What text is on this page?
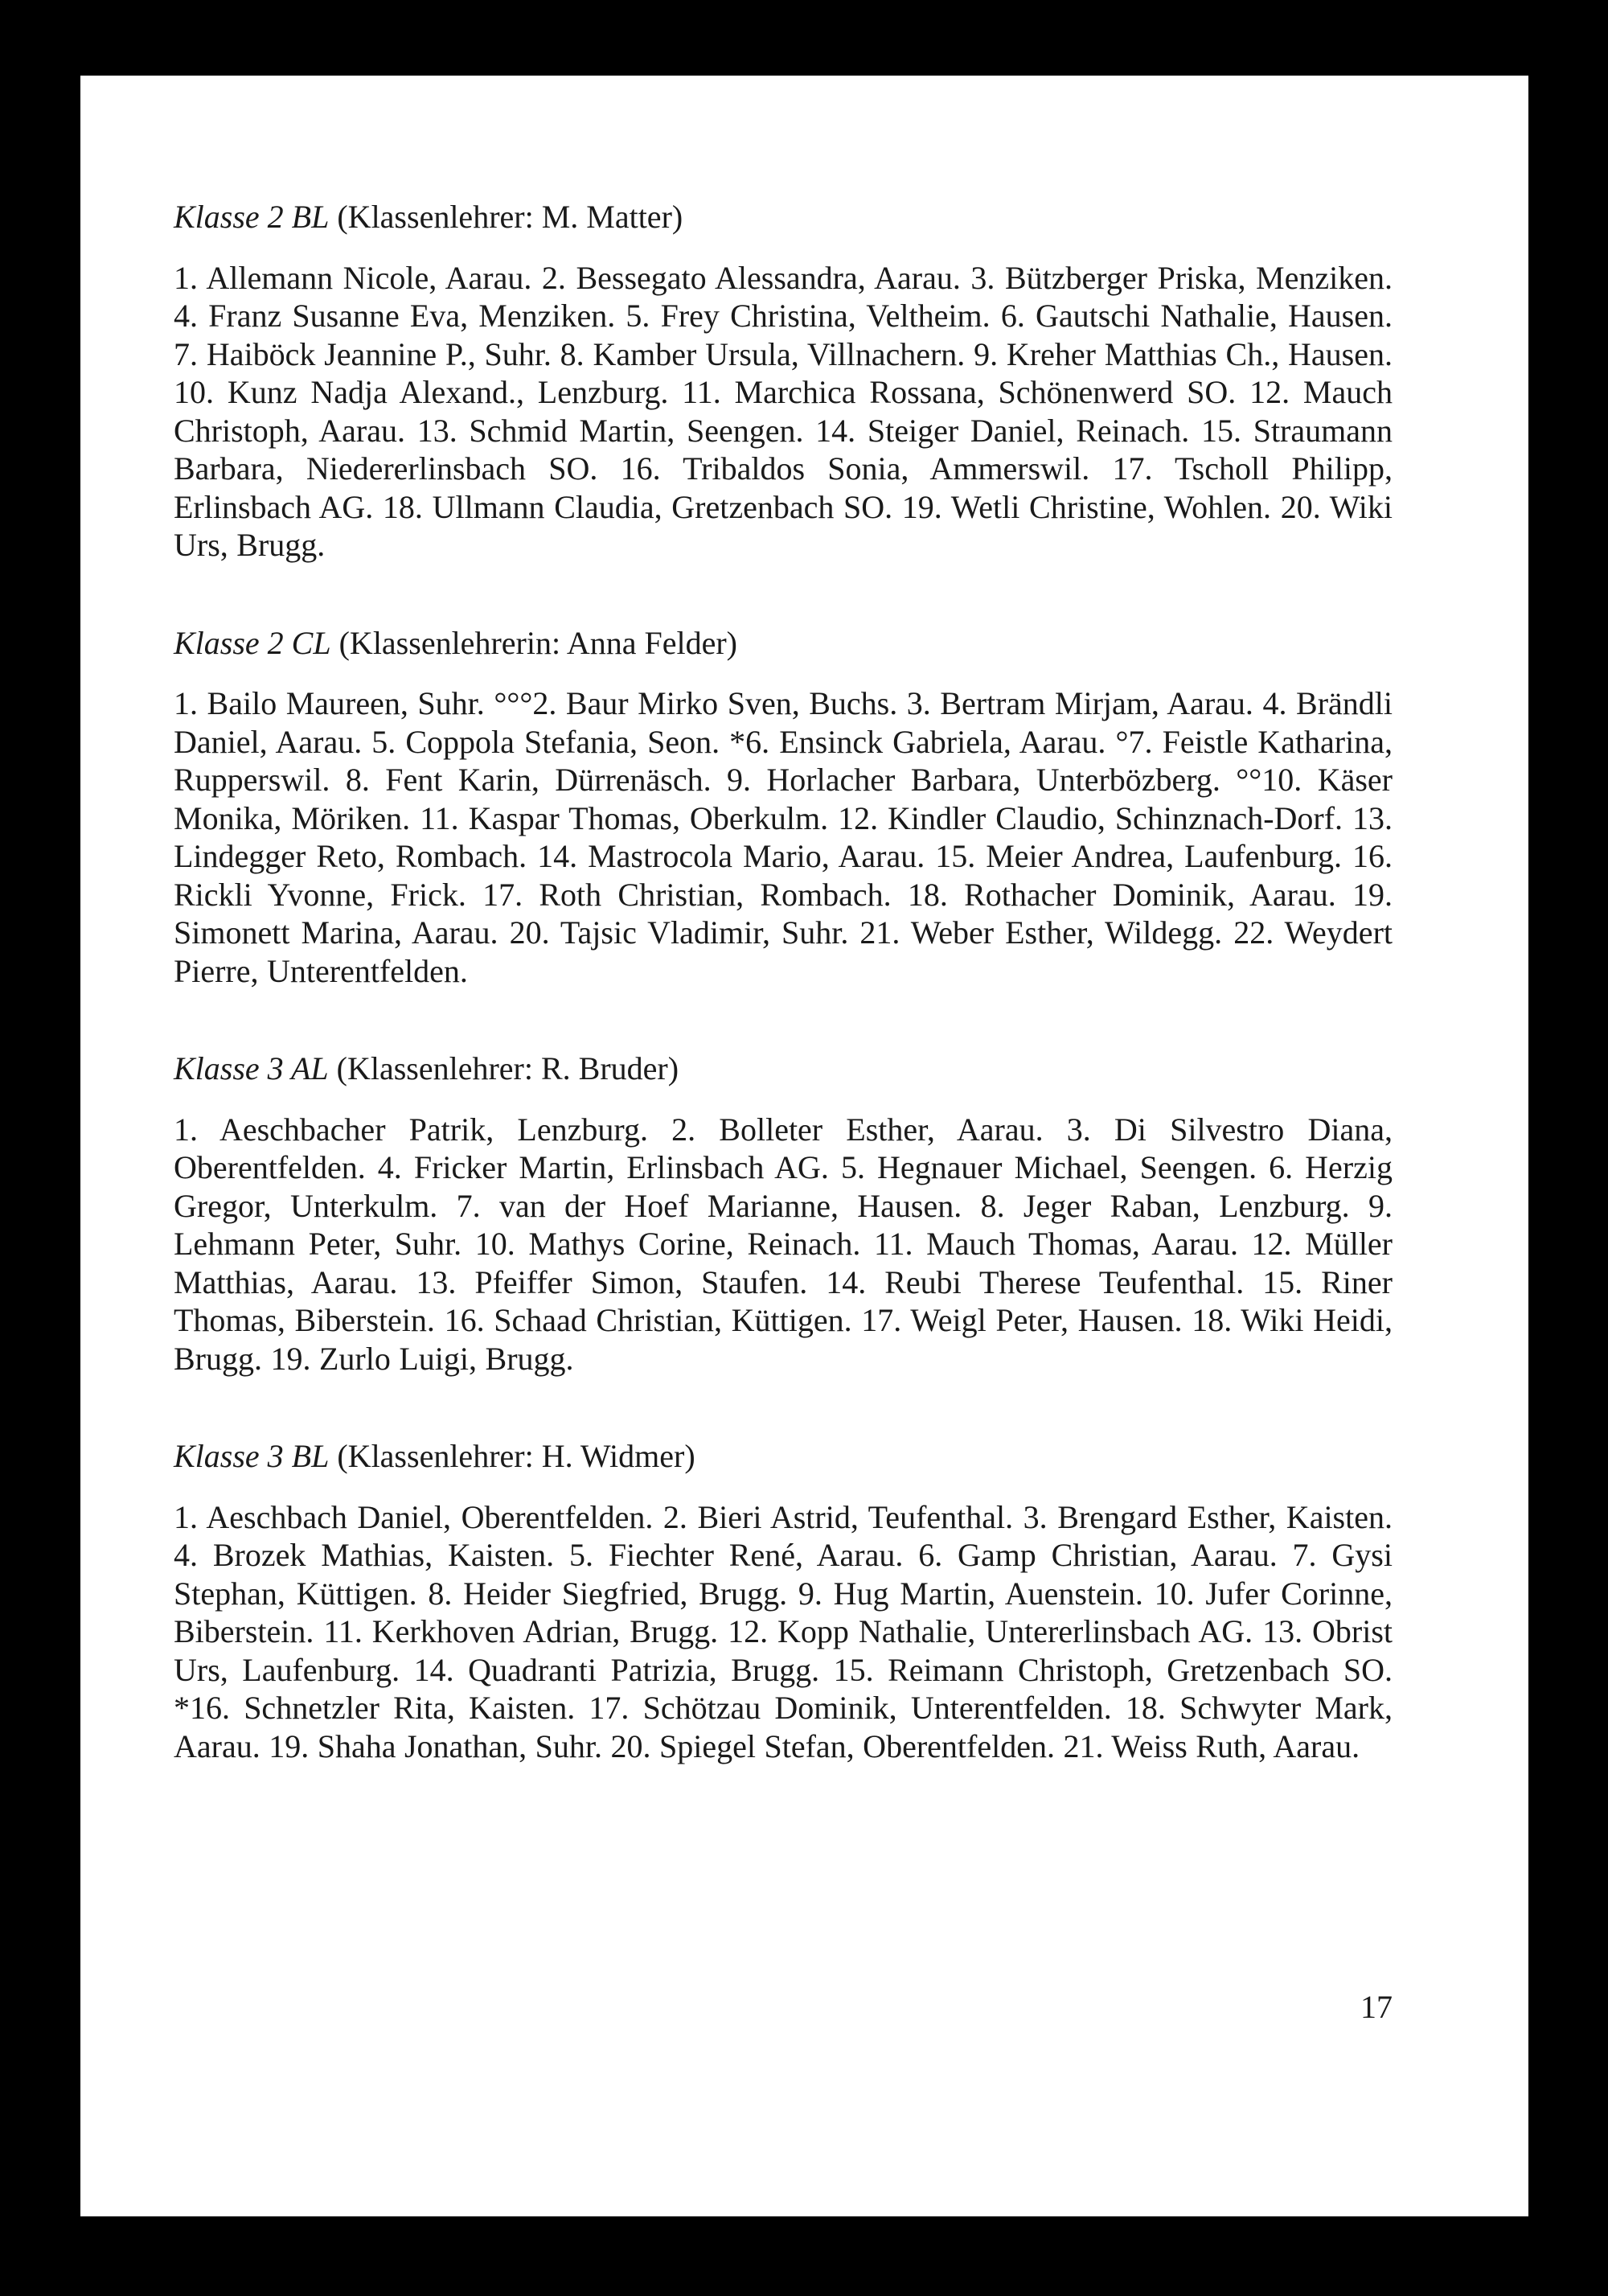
Klasse 2 BL (Klassenlehrer: M. Matter)

1. Allemann Nicole, Aarau. 2. Bessegato Alessandra, Aarau. 3. Bützberger Priska, Menziken. 4. Franz Susanne Eva, Menziken. 5. Frey Christina, Veltheim. 6. Gautschi Nathalie, Hausen. 7. Haiböck Jeannine P., Suhr. 8. Kamber Ursula, Villnachern. 9. Kreher Matthias Ch., Hausen. 10. Kunz Nadja Alexand., Lenzburg. 11. Marchica Rossana, Schönenwerd SO. 12. Mauch Christoph, Aarau. 13. Schmid Martin, Seengen. 14. Steiger Daniel, Reinach. 15. Straumann Barbara, Niedererlinsbach SO. 16. Tribaldos Sonia, Ammerswil. 17. Tscholl Philipp, Erlinsbach AG. 18. Ullmann Claudia, Gretzenbach SO. 19. Wetli Christine, Wohlen. 20. Wiki Urs, Brugg.

Klasse 2 CL (Klassenlehrerin: Anna Felder)

1. Bailo Maureen, Suhr. °°°2. Baur Mirko Sven, Buchs. 3. Bertram Mirjam, Aarau. 4. Brändli Daniel, Aarau. 5. Coppola Stefania, Seon. *6. Ensinck Gabriela, Aarau. °7. Feistle Katharina, Rupperswil. 8. Fent Karin, Dürrenäsch. 9. Horlacher Barbara, Unterbözberg. °°10. Käser Monika, Möriken. 11. Kaspar Thomas, Oberkulm. 12. Kindler Claudio, Schinznach-Dorf. 13. Lindegger Reto, Rombach. 14. Mastrocola Mario, Aarau. 15. Meier Andrea, Laufenburg. 16. Rickli Yvonne, Frick. 17. Roth Christian, Rombach. 18. Rothacher Dominik, Aarau. 19. Simonett Marina, Aarau. 20. Tajsic Vladimir, Suhr. 21. Weber Esther, Wildegg. 22. Weydert Pierre, Unterentfelden.

Klasse 3 AL (Klassenlehrer: R. Bruder)

1. Aeschbacher Patrik, Lenzburg. 2. Bolleter Esther, Aarau. 3. Di Silvestro Diana, Oberentfelden. 4. Fricker Martin, Erlinsbach AG. 5. Hegnauer Michael, Seengen. 6. Herzig Gregor, Unterkulm. 7. van der Hoef Marianne, Hausen. 8. Jeger Raban, Lenzburg. 9. Lehmann Peter, Suhr. 10. Mathys Corine, Reinach. 11. Mauch Thomas, Aarau. 12. Müller Matthias, Aarau. 13. Pfeiffer Simon, Staufen. 14. Reubi Therese Teufenthal. 15. Riner Thomas, Biberstein. 16. Schaad Christian, Küttigen. 17. Weigl Peter, Hausen. 18. Wiki Heidi, Brugg. 19. Zurlo Luigi, Brugg.

Klasse 3 BL (Klassenlehrer: H. Widmer)

1. Aeschbach Daniel, Oberentfelden. 2. Bieri Astrid, Teufenthal. 3. Brengard Esther, Kaisten. 4. Brozek Mathias, Kaisten. 5. Fiechter René, Aarau. 6. Gamp Christian, Aarau. 7. Gysi Stephan, Küttigen. 8. Heider Siegfried, Brugg. 9. Hug Martin, Auenstein. 10. Jufer Corinne, Biberstein. 11. Kerkhoven Adrian, Brugg. 12. Kopp Nathalie, Untererlinsbach AG. 13. Obrist Urs, Laufenburg. 14. Quadranti Patrizia, Brugg. 15. Reimann Christoph, Gretzenbach SO. *16. Schnetzler Rita, Kaisten. 17. Schötzau Dominik, Unterentfelden. 18. Schwyter Mark, Aarau. 19. Shaha Jonathan, Suhr. 20. Spiegel Stefan, Oberentfelden. 21. Weiss Ruth, Aarau.

17
